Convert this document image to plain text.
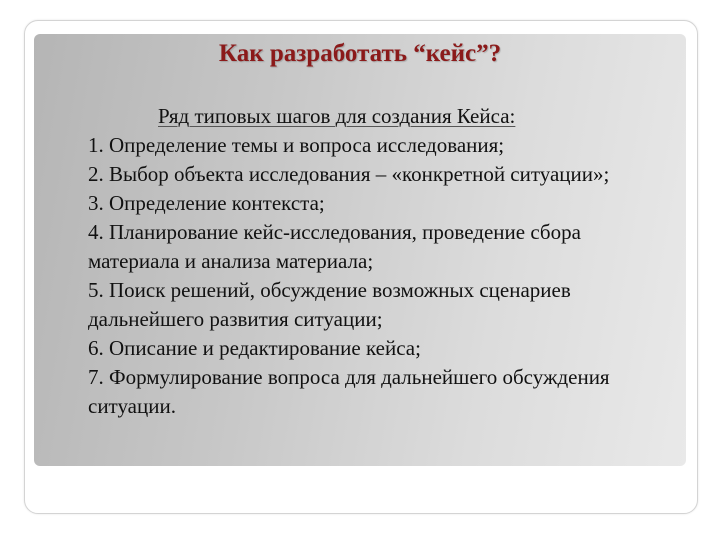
Как разработать “кейс”?
Ряд типовых шагов для создания Кейса:
1. Определение темы и вопроса исследования;
2. Выбор объекта исследования – «конкретной ситуации»;
3. Определение контекста;
4. Планирование кейс-исследования, проведение сбора материала и анализа материала;
5. Поиск решений, обсуждение возможных сценариев дальнейшего развития ситуации;
6. Описание и редактирование кейса;
7. Формулирование вопроса для дальнейшего обсуждения ситуации.
